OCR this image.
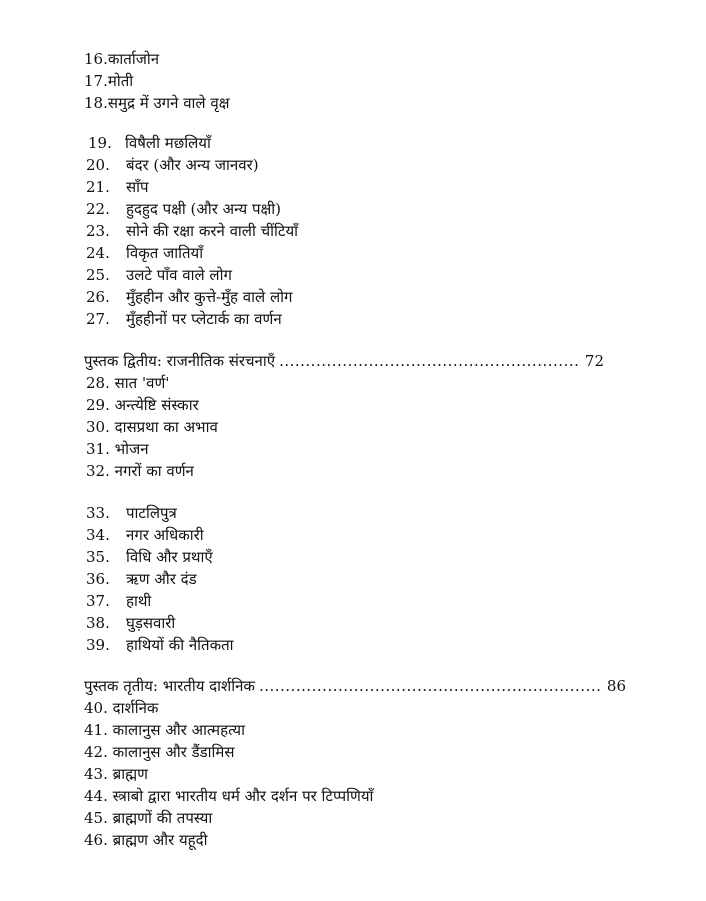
16.कार्ताजोन
17.मोती
18.समुद्र में उगने वाले वृक्ष
19. विषैली मछलियाँ
20. बंदर (और अन्य जानवर)
21. साँप
22. हुदहुद पक्षी (और अन्य पक्षी)
23. सोने की रक्षा करने वाली चींटियाँ
24. विकृत जातियाँ
25. उलटे पाँव वाले लोग
26. मुँहहीन और कुत्ते-मुँह वाले लोग
27. मुँहहीनों पर प्लेटार्क का वर्णन
पुस्तक द्वितीय: राजनीतिक संरचनाएँ .....	72
28. सात 'वर्ण'
29. अन्त्येष्टि संस्कार
30. दासप्रथा का अभाव
31. भोजन
32. नगरों का वर्णन
33. पाटलिपुत्र
34. नगर अधिकारी
35. विधि और प्रथाएँ
36. ऋण और दंड
37. हाथी
38. घुड़सवारी
39. हाथियों की नैतिकता
पुस्तक तृतीय: भारतीय दार्शनिक .....	86
40. दार्शनिक
41. कालानुस और आत्महत्या
42. कालानुस और डैंडामिस
43. ब्राह्मण
44. स्त्राबो द्वारा भारतीय धर्म और दर्शन पर टिप्पणियाँ
45. ब्राह्मणों की तपस्या
46. ब्राह्मण और यहूदी
